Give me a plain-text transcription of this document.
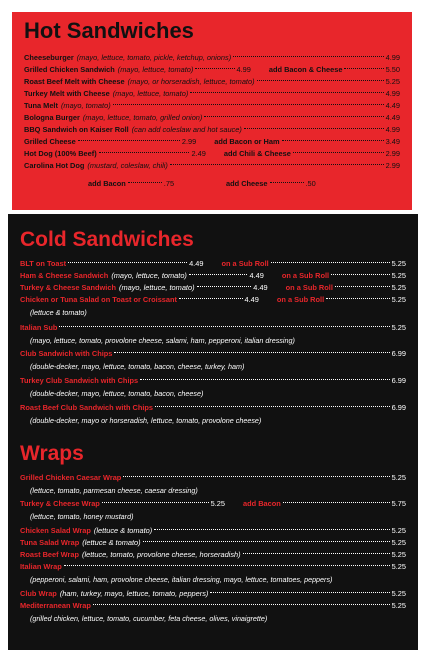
Hot Sandwiches
Cheeseburger (mayo, lettuce, tomato, pickle, ketchup, onions)	4.99
Grilled Chicken Sandwich (mayo, lettuce, tomato)	4.99 add Bacon & Cheese	5.50
Roast Beef Melt with Cheese (mayo, or horseradish, lettuce, tomato)	5.25
Turkey Melt with Cheese (mayo, lettuce, tomato)	4.99
Tuna Melt (mayo, tomato)	4.49
Bologna Burger (mayo, lettuce, tomato, grilled onion)	4.49
BBQ Sandwich on Kaiser Roll (can add coleslaw and hot sauce)	4.99
Grilled Cheese	2.99 add Bacon or Ham	3.49
Hot Dog (100% Beef)	2.49 add Chili & Cheese	2.99
Carolina Hot Dog (mustard, coleslaw, chili)	2.99
add Bacon	.75	add Cheese	.50
Cold Sandwiches
Wraps
BLT on Toast	4.49 on a Sub Roll	5.25
Ham & Cheese Sandwich (mayo, lettuce, tomato)	4.49 on a Sub Roll	5.25
Turkey & Cheese Sandwich (mayo, lettuce, tomato)	4.49 on a Sub Roll	5.25
Chicken or Tuna Salad on Toast or Croissant	4.49 on a Sub Roll	5.25
(lettuce & tomato)
Italian Sub	5.25
(mayo, lettuce, tomato, provolone cheese, salami, ham, pepperoni, italian dressing)
Club Sandwich with Chips	6.99
(double-decker, mayo, lettuce, tomato, bacon, cheese, turkey, ham)
Turkey Club Sandwich with Chips	6.99
(double-decker, mayo, lettuce, tomato, bacon, cheese)
Roast Beef Club Sandwich with Chips	6.99
(double-decker, mayo or horseradish, lettuce, tomato, provolone cheese)
Grilled Chicken Caesar Wrap	5.25
(lettuce, tomato, parmesan cheese, caesar dressing)
Turkey & Cheese Wrap	5.25 add Bacon	5.75
(lettuce, tomato, honey mustard)
Chicken Salad Wrap (lettuce & tomato)	5.25
Tuna Salad Wrap (lettuce & tomato)	5.25
Roast Beef Wrap (lettuce, tomato, provolone cheese, horseradish)	5.25
Italian Wrap	5.25
(pepperoni, salami, ham, provolone cheese, italian dressing, mayo, lettuce, tomatoes, peppers)
Club Wrap (ham, turkey, mayo, lettuce, tomato, peppers)	5.25
Mediterranean Wrap	5.25
(grilled chicken, lettuce, tomato, cucumber, feta cheese, olives, vinaigrette)
